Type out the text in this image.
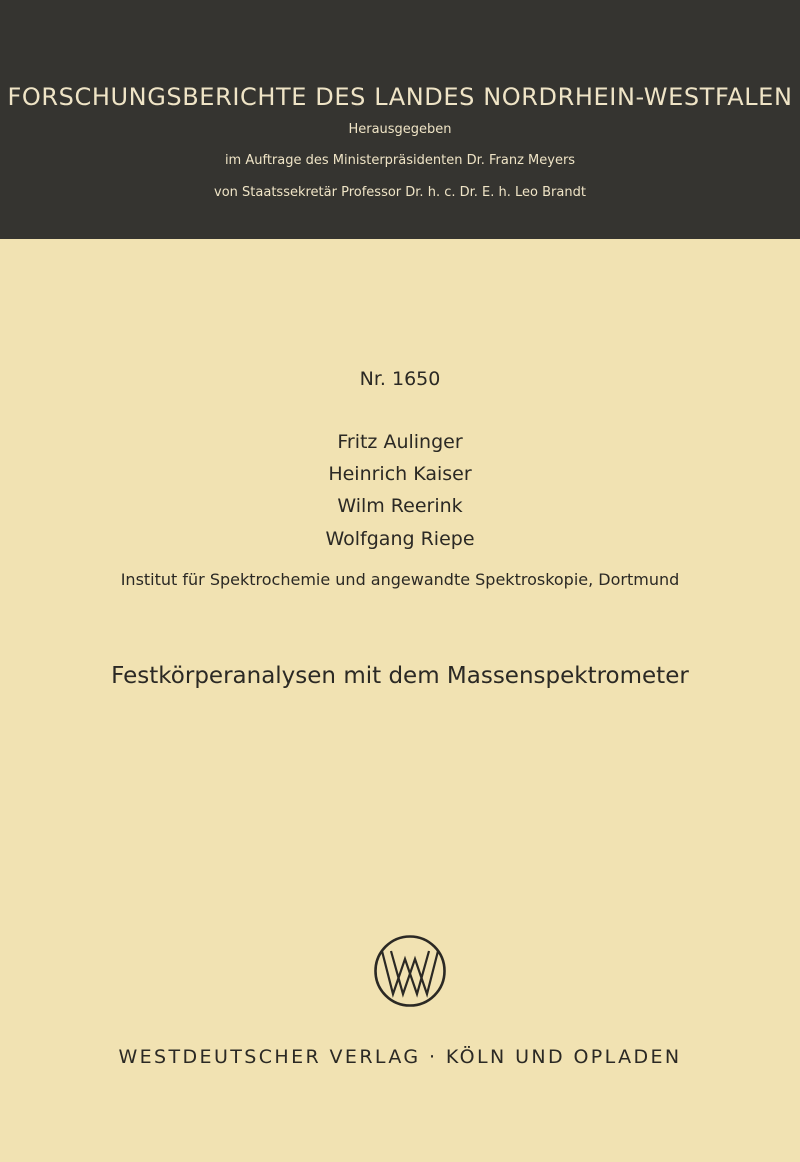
FORSCHUNGSBERICHTE DES LANDES NORDRHEIN-WESTFALEN
Herausgegeben
im Auftrage des Ministerpräsidenten Dr. Franz Meyers
von Staatssekretär Professor Dr. h. c. Dr. E. h. Leo Brandt
Nr. 1650
Fritz Aulinger
Heinrich Kaiser
Wilm Reerink
Wolfgang Riepe
Institut für Spektrochemie und angewandte Spektroskopie, Dortmund
Festkörperanalysen mit dem Massenspektrometer
WESTDEUTSCHER VERLAG · KÖLN UND OPLADEN
